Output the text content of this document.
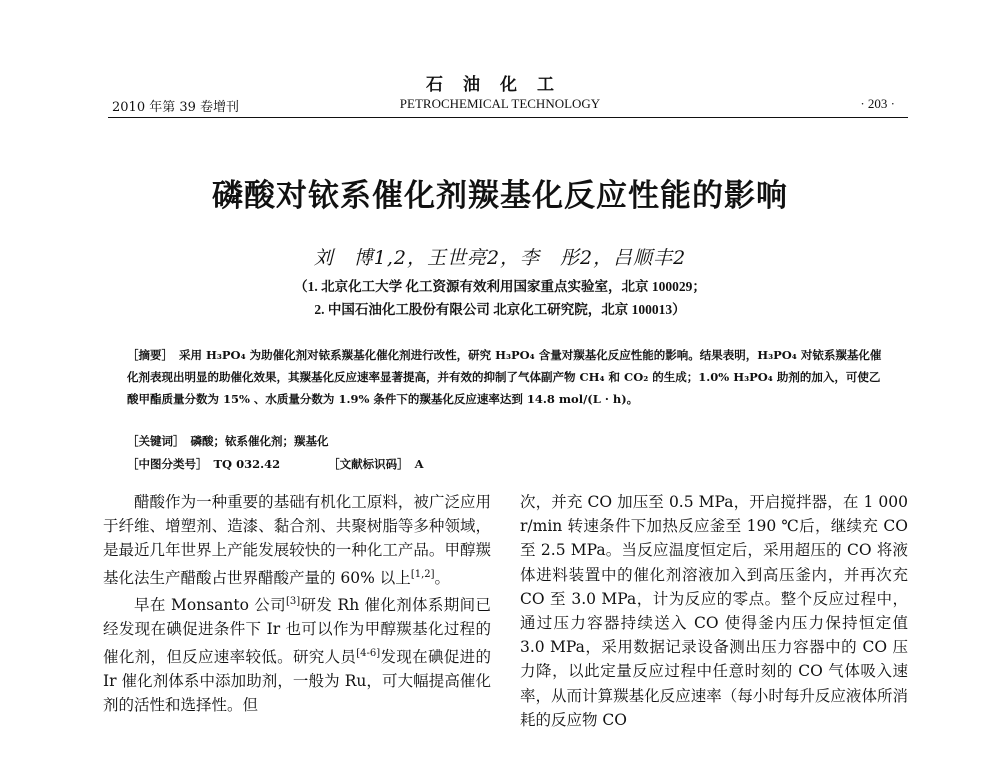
石油化工
2010 年第 39 卷增刊	PETROCHEMICAL TECHNOLOGY	· 203 ·
磷酸对铱系催化剂羰基化反应性能的影响
刘　博1,2，王世亮2，李　彤2，吕顺丰2
（1. 北京化工大学 化工资源有效利用国家重点实验室，北京 100029；
2. 中国石油化工股份有限公司 北京化工研究院，北京 100013）
［摘要］ 采用 H₃PO₄ 为助催化剂对铱系羰基化催化剂进行改性，研究 H₃PO₄ 含量对羰基化反应性能的影响。结果表明，H₃PO₄ 对铱系羰基化催化剂表现出明显的助催化效果，其羰基化反应速率显著提高，并有效的抑制了气体副产物 CH₄ 和 CO₂ 的生成；1.0% H₃PO₄ 助剂的加入，可使乙酸甲酯质量分数为 15% 、水质量分数为 1.9% 条件下的羰基化反应速率达到 14.8 mol/(L · h)。
［关键词］ 磷酸；铱系催化剂；羰基化
［中图分类号］ TQ 032.42	［文献标识码］ A

醋酸作为一种重要的基础有机化工原料，被广泛应用于纤维、增塑剂、造漆、黏合剂、共聚树脂等多种领域，是最近几年世界上产能发展较快的一种化工产品。甲醇羰基化法生产醋酸占世界醋酸产量的 60% 以上[1,2]。

早在 Monsanto 公司[3]研发 Rh 催化剂体系期间已经发现在碘促进条件下 Ir 也可以作为甲醇羰基化过程的催化剂，但反应速率较低。研究人员[4-6]发现在碘促进的 Ir 催化剂体系中添加助剂，一般为 Ru，可大幅提高催化剂的活性和选择性。但

次，并充 CO 加压至 0.5 MPa，开启搅拌器，在 1 000 r/min 转速条件下加热反应釜至 190 ℃后，继续充 CO 至 2.5 MPa。当反应温度恒定后，采用超压的 CO 将液体进料装置中的催化剂溶液加入到高压釜内，并再次充 CO 至 3.0 MPa，计为反应的零点。整个反应过程中，通过压力容器持续送入 CO 使得釜内压力保持恒定值 3.0 MPa，采用数据记录设备测出压力容器中的 CO 压力降，以此定量反应过程中任意时刻的 CO 气体吸入速率，从而计算羰基化反应速率（每小时每升反应液体所消耗的反应物 CO
